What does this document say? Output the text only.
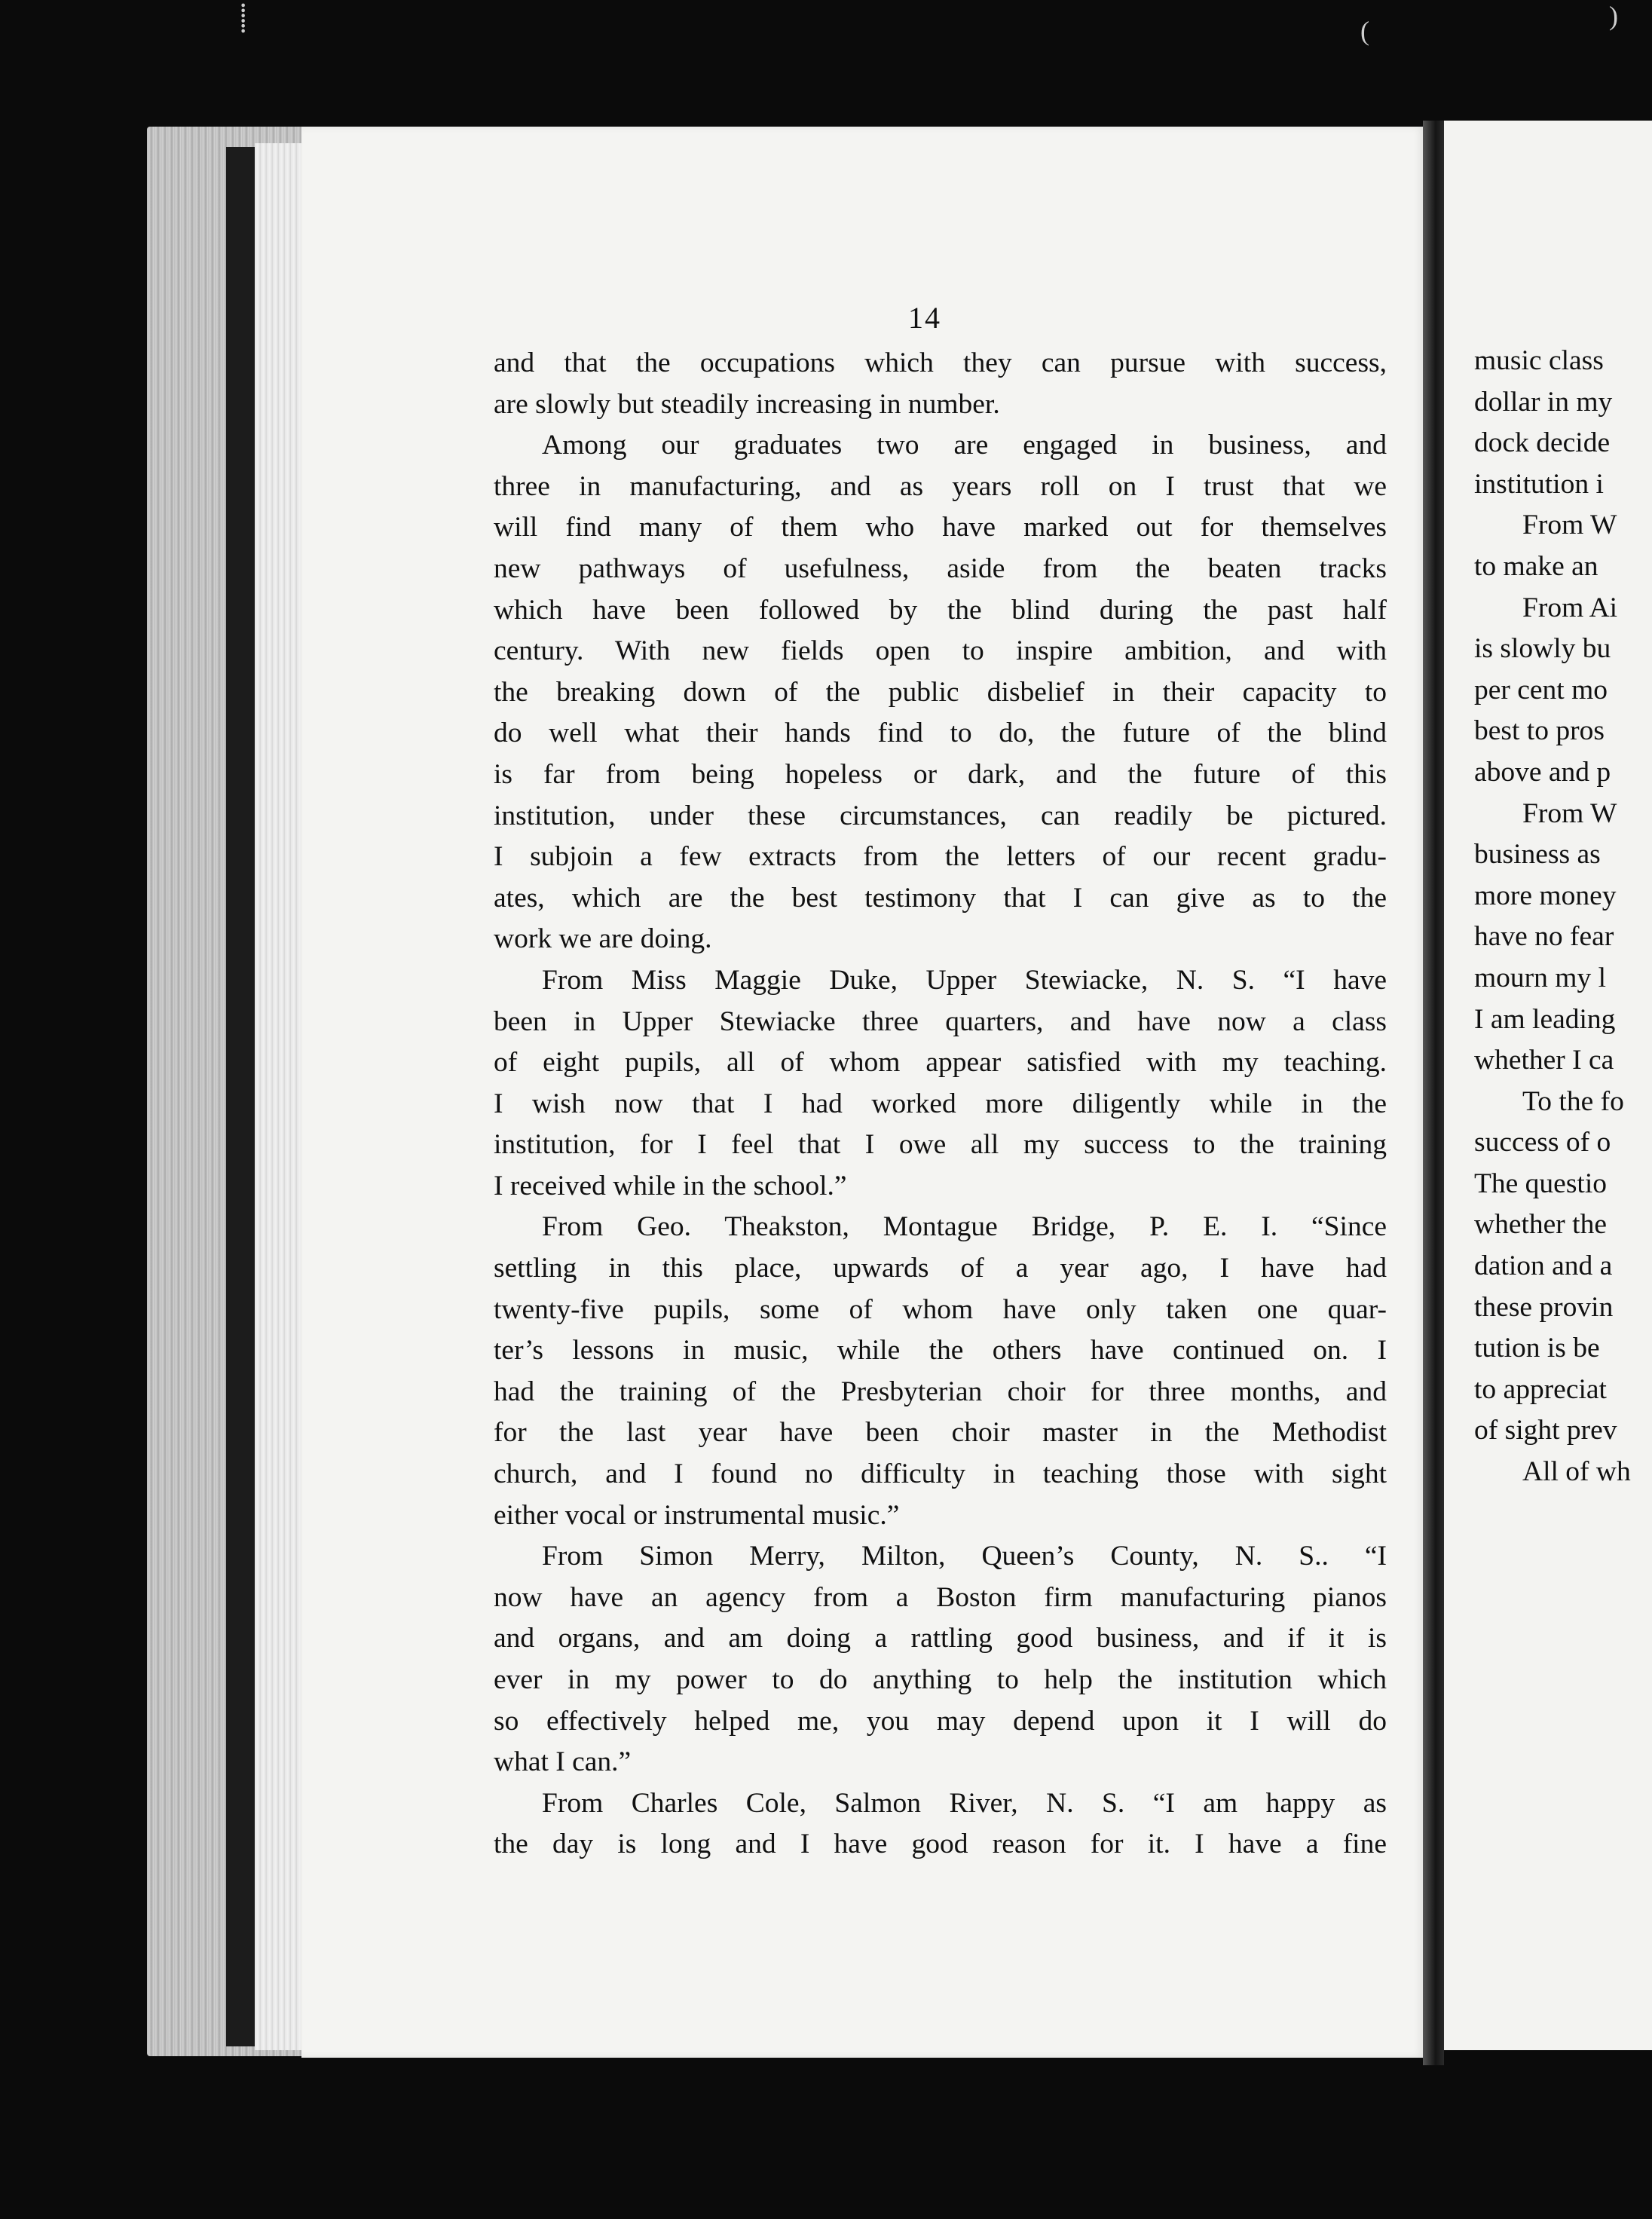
⸽	(	)
music class
dollar in my
dock decide
institution i
From W
to make an
From Ai
is slowly bu
per cent mo
best to pros
above and p
From W
business as
more money
have no fear
mourn my l
I am leading
whether I ca
To the fo
success of o
The questio
whether the
dation and a
these provin
tution is be
to appreciat
of sight prev
All of wh
14
and that the occupations which they can pursue with success,
are slowly but steadily increasing in number.
Among our graduates two are engaged in business, and
three in manufacturing, and as years roll on I trust that we
will find many of them who have marked out for themselves
new pathways of usefulness, aside from the beaten tracks
which have been followed by the blind during the past half
century. With new fields open to inspire ambition, and with
the breaking down of the public disbelief in their capacity to
do well what their hands find to do, the future of the blind
is far from being hopeless or dark, and the future of this
institution, under these circumstances, can readily be pictured.
I subjoin a few extracts from the letters of our recent gradu-
ates, which are the best testimony that I can give as to the
work we are doing.
From Miss Maggie Duke, Upper Stewiacke, N. S. “I have
been in Upper Stewiacke three quarters, and have now a class
of eight pupils, all of whom appear satisfied with my teaching.
I wish now that I had worked more diligently while in the
institution, for I feel that I owe all my success to the training
I received while in the school.”
From Geo. Theakston, Montague Bridge, P. E. I. “Since
settling in this place, upwards of a year ago, I have had
twenty-five pupils, some of whom have only taken one quar-
ter’s lessons in music, while the others have continued on. I
had the training of the Presbyterian choir for three months, and
for the last year have been choir master in the Methodist
church, and I found no difficulty in teaching those with sight
either vocal or instrumental music.”
From Simon Merry, Milton, Queen’s County, N. S.. “I
now have an agency from a Boston firm manufacturing pianos
and organs, and am doing a rattling good business, and if it is
ever in my power to do anything to help the institution which
so effectively helped me, you may depend upon it I will do
what I can.”
From Charles Cole, Salmon River, N. S. “I am happy as
the day is long and I have good reason for it. I have a fine
